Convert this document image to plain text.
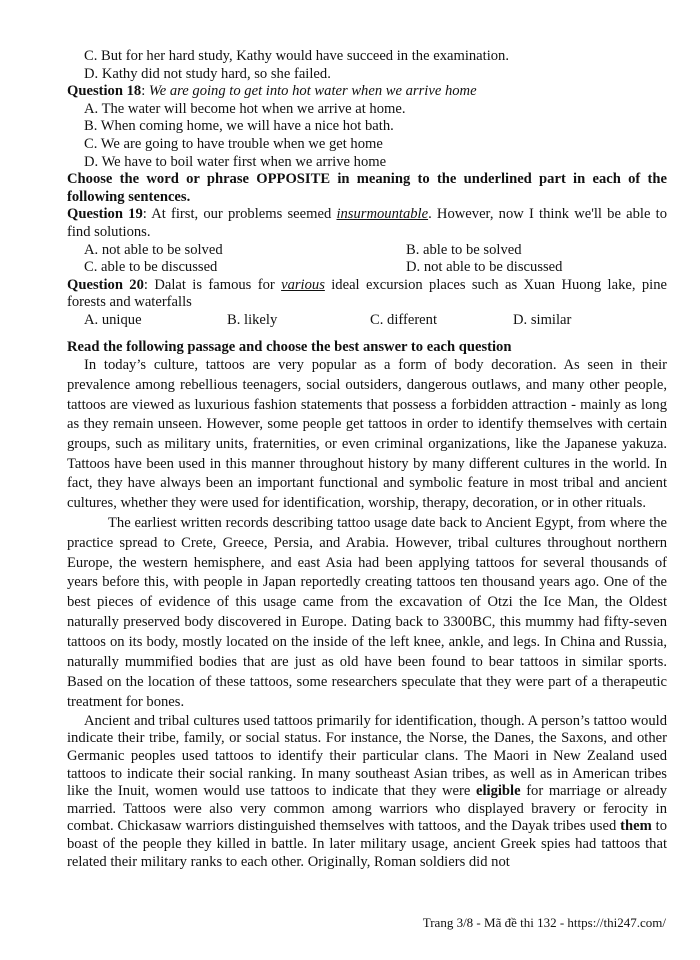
C. But for her hard study, Kathy would have succeed in the examination.
D. Kathy did not study hard, so she failed.
Question 18: We are going to get into hot water when we arrive home
A. The water will become hot when we arrive at home.
B. When coming home, we will have a nice hot bath.
C. We are going to have trouble when we get home
D. We have to boil water first when we arrive home
Choose the word or phrase OPPOSITE in meaning to the underlined part in each of the following sentences.
Question 19: At first, our problems seemed insurmountable. However, now I think we'll be able to find solutions.
A. not able to be solved	B. able to be solved
C. able to be discussed	D. not able to be discussed
Question 20: Dalat is famous for various ideal excursion places such as Xuan Huong lake, pine forests and waterfalls
A. unique	B. likely	C. different	D. similar
Read the following passage and choose the best answer to each question
In today’s culture, tattoos are very popular as a form of body decoration. As seen in their prevalence among rebellious teenagers, social outsiders, dangerous outlaws, and many other people, tattoos are viewed as luxurious fashion statements that possess a forbidden attraction - mainly as long as they remain unseen. However, some people get tattoos in order to identify themselves with certain groups, such as military units, fraternities, or even criminal organizations, like the Japanese yakuza. Tattoos have been used in this manner throughout history by many different cultures in the world. In fact, they have always been an important functional and symbolic feature in most tribal and ancient cultures, whether they were used for identification, worship, therapy, decoration, or in other rituals.
The earliest written records describing tattoo usage date back to Ancient Egypt, from where the practice spread to Crete, Greece, Persia, and Arabia. However, tribal cultures throughout northern Europe, the western hemisphere, and east Asia had been applying tattoos for several thousands of years before this, with people in Japan reportedly creating tattoos ten thousand years ago. One of the best pieces of evidence of this usage came from the excavation of Otzi the Ice Man, the Oldest naturally preserved body discovered in Europe. Dating back to 3300BC, this mummy had fifty-seven tattoos on its body, mostly located on the inside of the left knee, ankle, and legs. In China and Russia, naturally mummified bodies that are just as old have been found to bear tattoos in similar sports. Based on the location of these tattoos, some researchers speculate that they were part of a therapeutic treatment for bones.
Ancient and tribal cultures used tattoos primarily for identification, though. A person’s tattoo would indicate their tribe, family, or social status. For instance, the Norse, the Danes, the Saxons, and other Germanic peoples used tattoos to identify their particular clans. The Maori in New Zealand used tattoos to indicate their social ranking. In many southeast Asian tribes, as well as in American tribes like the Inuit, women would use tattoos to indicate that they were eligible for marriage or already married. Tattoos were also very common among warriors who displayed bravery or ferocity in combat. Chickasaw warriors distinguished themselves with tattoos, and the Dayak tribes used them to boast of the people they killed in battle. In later military usage, ancient Greek spies had tattoos that related their military ranks to each other. Originally, Roman soldiers did not
Trang 3/8 - Mã đề thi 132 - https://thi247.com/
